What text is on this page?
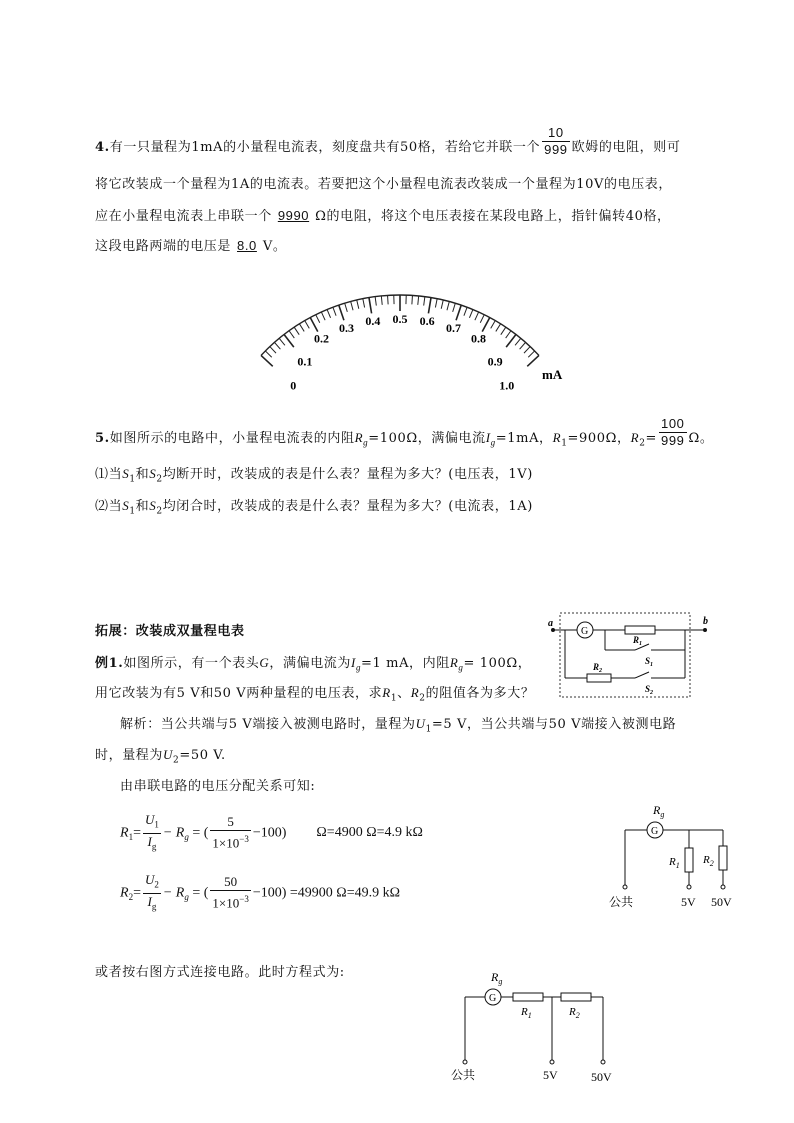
4.有一只量程为1mA的小量程电流表，刻度盘共有50格，若给它并联一个 $\frac{10}{999}$ 欧姆的电阻，则可
将它改装成一个量程为1A的电流表。若要把这个小量程电流表改装成一个量程为10V的电压表，
应在小量程电流表上串联一个 9990 Ω的电阻，将这个电压表接在某段电路上，指针偏转40格，
这段电路两端的电压是 8.0 V。
0
0.1
0.2
0.3 0.4 0.5 0.6 0.7
0.8
0.9
1.0
mA
5.如图所示的电路中，小量程电流表的内阻$R_g=100\Omega$，满偏电流$I_g=1mA$，$R_1=900\Omega$，$R_2= \frac{100}{999}$ Ω。
⑴当$S_1$和$S_2$均断开时，改装成的表是什么表？量程为多大？(电压表，1V)
⑵当$S_1$和$S_2$均闭合时，改装成的表是什么表？量程为多大？(电流表，1A)
拓展：改装成双量程电表
例1.如图所示，有一个表头G，满偏电流为$I_g=1$ mA，内阻$R_g= 100\Omega$，
用它改装为有5 V和50 V两种量程的电压表，求$R_1$、$R_2$的阻值各为多大？
解析：当公共端与5 V端接入被测电路时，量程为$U_1=5$ V，当公共端与50 V端接入被测电路
时，量程为$U_2=50$ V.
由串联电路的电压分配关系可知:
$R_1= \frac{U_1}{I_g} - R_g$ = ( $\frac{5}{1\times 10^{-3}} -100$) Ω=4900 Ω=4.9 kΩ
$R_2= \frac{U_2}{I_g} - R_g$ = ( $\frac{50}{1\times 10^{-3}} -100) =49900$ Ω=49.9 kΩ
或者按右图方式连接电路。此时方程式为:
a
G
b
$R_1$
$S_1$
$R_2$
$S_2$
$R_g$
G
$R_1$ $R_2$
公共	5V 50V
$R_g$
G
$R_1$	$R_2$
公共	5V	50V
